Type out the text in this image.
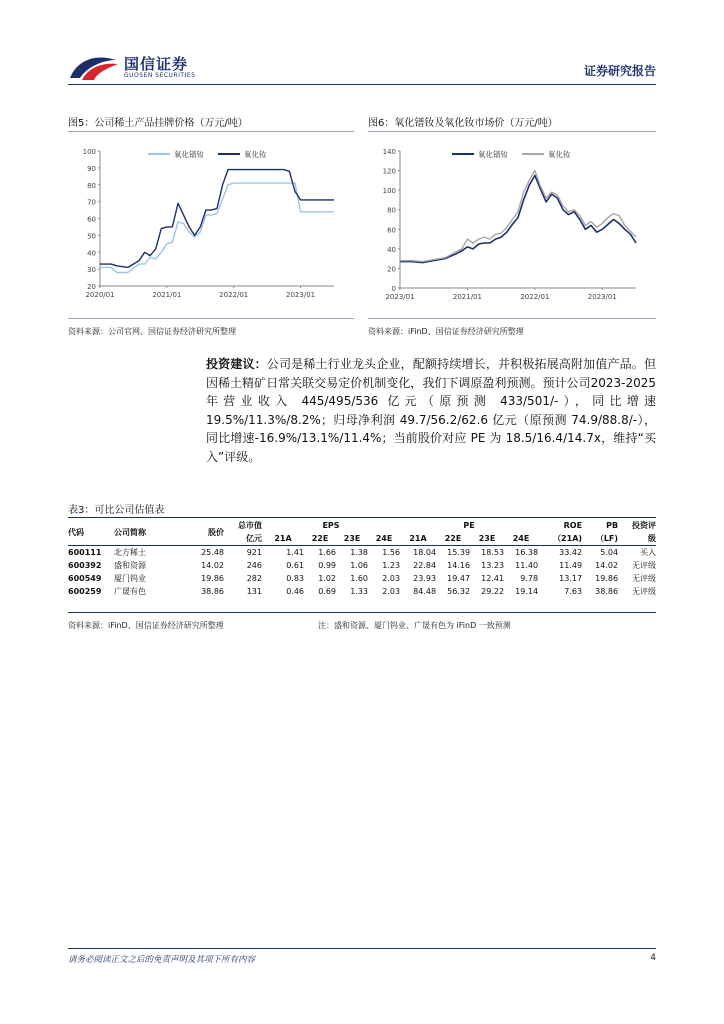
国信证券
GUOSEN SECURITIES	证券研究报告
图5：公司稀土产品挂牌价格（万元/吨）
100
90
80
70
60
50
40
30
20
2020/01	2021/01	2022/01	2023/01
氧化镨钕	氧化钕
资料来源：公司官网、国信证券经济研究所整理
图6：氧化镨钕及氧化钕市场价（万元/吨）
140
120
100
80
60
40
20
0
2023/01	2021/01	2022/01	2023/01
氧化镨钕	氧化钕
资料来源：iFinD、国信证券经济研究所整理
投资建议：公司是稀土行业龙头企业，配额持续增长，并积极拓展高附加值产品。但因稀土精矿日常关联交易定价机制变化，我们下调原盈利预测。预计公司2023-2025 年营业收入 445/495/536 亿元（原预测 433/501/-），同比增速19.5%/11.3%/8.2%；归母净利润 49.7/56.2/62.6 亿元（原预测 74.9/88.8/-），同比增速-16.9%/13.1%/11.4%；当前股价对应 PE 为 18.5/16.4/14.7x，维持“买入”评级。
表3：可比公司估值表
代码	公司简称	股价	总市值	EPS				PE				ROE	PB	投资评
			亿元	21A	22E	23E	24E	21A	22E	23E	24E	（21A)	（LF)	级

600111	北方稀土	25.48	921	1.41	1.66	1.38	1.56	18.04	15.39	18.53	16.38	33.42	5.04	买入
600392	盛和资源	14.02	246	0.61	0.99	1.06	1.23	22.84	14.16	13.23	11.40	11.49	14.02	无评级
600549	厦门钨业	19.86	282	0.83	1.02	1.60	2.03	23.93	19.47	12.41	9.78	13.17	19.86	无评级
600259	广晟有色	38.86	131	0.46	0.69	1.33	2.03	84.48	56.32	29.22	19.14	7.63	38.86	无评级
资料来源：iFinD、国信证券经济研究所整理	注：盛和资源、厦门钨业、广晟有色为 iFinD 一致预测
请务必阅读正文之后的免责声明及其项下所有内容	4
